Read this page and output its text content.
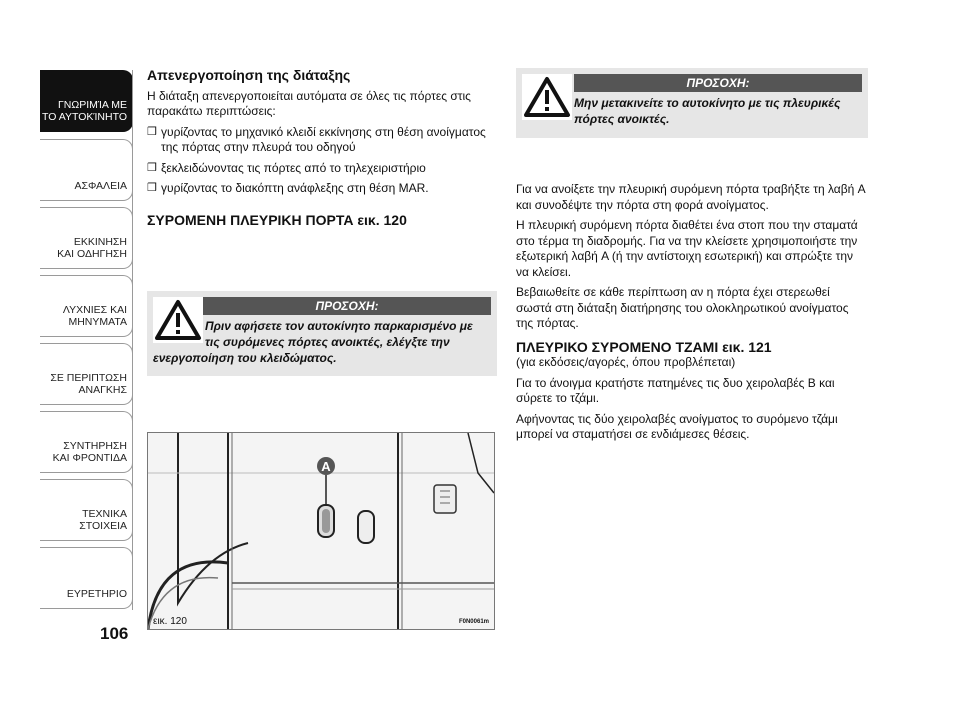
ΓΝΩΡΙΜΊΑ ΜΕ
ΤΟ ΑΥΤΟΚΊΝΗΤΟ
ΑΣΦΑΛΕΙΑ
ΕΚΚΙΝΗΣΗ
ΚΑΙ ΟΔΗΓΗΣΗ
ΛΥΧΝΙΕΣ ΚΑΙ
ΜΗΝΥΜΑΤΑ
ΣΕ ΠΕΡΙΠΤΩΣΗ
ΑΝΑΓΚΗΣ
ΣΥΝΤΗΡΗΣΗ
ΚΑΙ ΦΡΟΝΤΙΔΑ
ΤΕΧΝΙΚΑ
ΣΤΟΙΧΕΙΑ
ΕΥΡΕΤΗΡΙΟ
106
Απενεργοποίηση της διάταξης

Η διάταξη απενεργοποιείται αυτόματα σε όλες τις πόρτες στις παρακάτω περιπτώσεις:

❒ γυρίζοντας το μηχανικό κλειδί εκκίνησης στη θέση ανοίγματος της πόρτας στην πλευρά του οδηγού
❒ ξεκλειδώνοντας τις πόρτες από το τηλεχειριστήριο
❒ γυρίζοντας το διακόπτη ανάφλεξης στη θέση MAR.
ΣΥΡΟΜΕΝΗ ΠΛΕΥΡΙΚΗ ΠΟΡΤΑ εικ. 120
ΠΡΟΣΟΧΗ:
Πριν αφήσετε τον αυτοκίνητο παρκαρισμένο με
τις συρόμενες πόρτες ανοικτές, ελέγξτε την
ενεργοποίηση του κλειδώματος.
A
εικ. 120	F0N0061m
ΠΡΟΣΟΧΗ:
Μην μετακινείτε το αυτοκίνητο με τις πλευρικές
πόρτες ανοικτές.

Για να ανοίξετε την πλευρική συρόμενη πόρτα τραβήξτε τη λαβή A και συνοδέψτε την πόρτα στη φορά ανοίγματος.

Η πλευρική συρόμενη πόρτα διαθέτει ένα στοπ που την σταματά στο τέρμα τη διαδρομής. Για να την κλείσετε χρησιμοποιήστε την εξωτερική λαβή A (ή την αντίστοιχη εσωτερική) και σπρώξτε την να κλείσει.

Βεβαιωθείτε σε κάθε περίπτωση αν η πόρτα έχει στερεωθεί σωστά στη διάταξη διατήρησης του ολοκληρωτικού ανοίγματος της πόρτας.

ΠΛΕΥΡΙΚΟ ΣΥΡΟΜΕΝΟ ΤΖΑΜΙ εικ. 121

(για εκδόσεις/αγορές, όπου προβλέπεται)

Για το άνοιγμα κρατήστε πατημένες τις δυο χειρολαβές B και σύρετε το τζάμι.

Αφήνοντας τις δύο χειρολαβές ανοίγματος το συρόμενο τζάμι μπορεί να σταματήσει σε ενδιάμεσες θέσεις.
